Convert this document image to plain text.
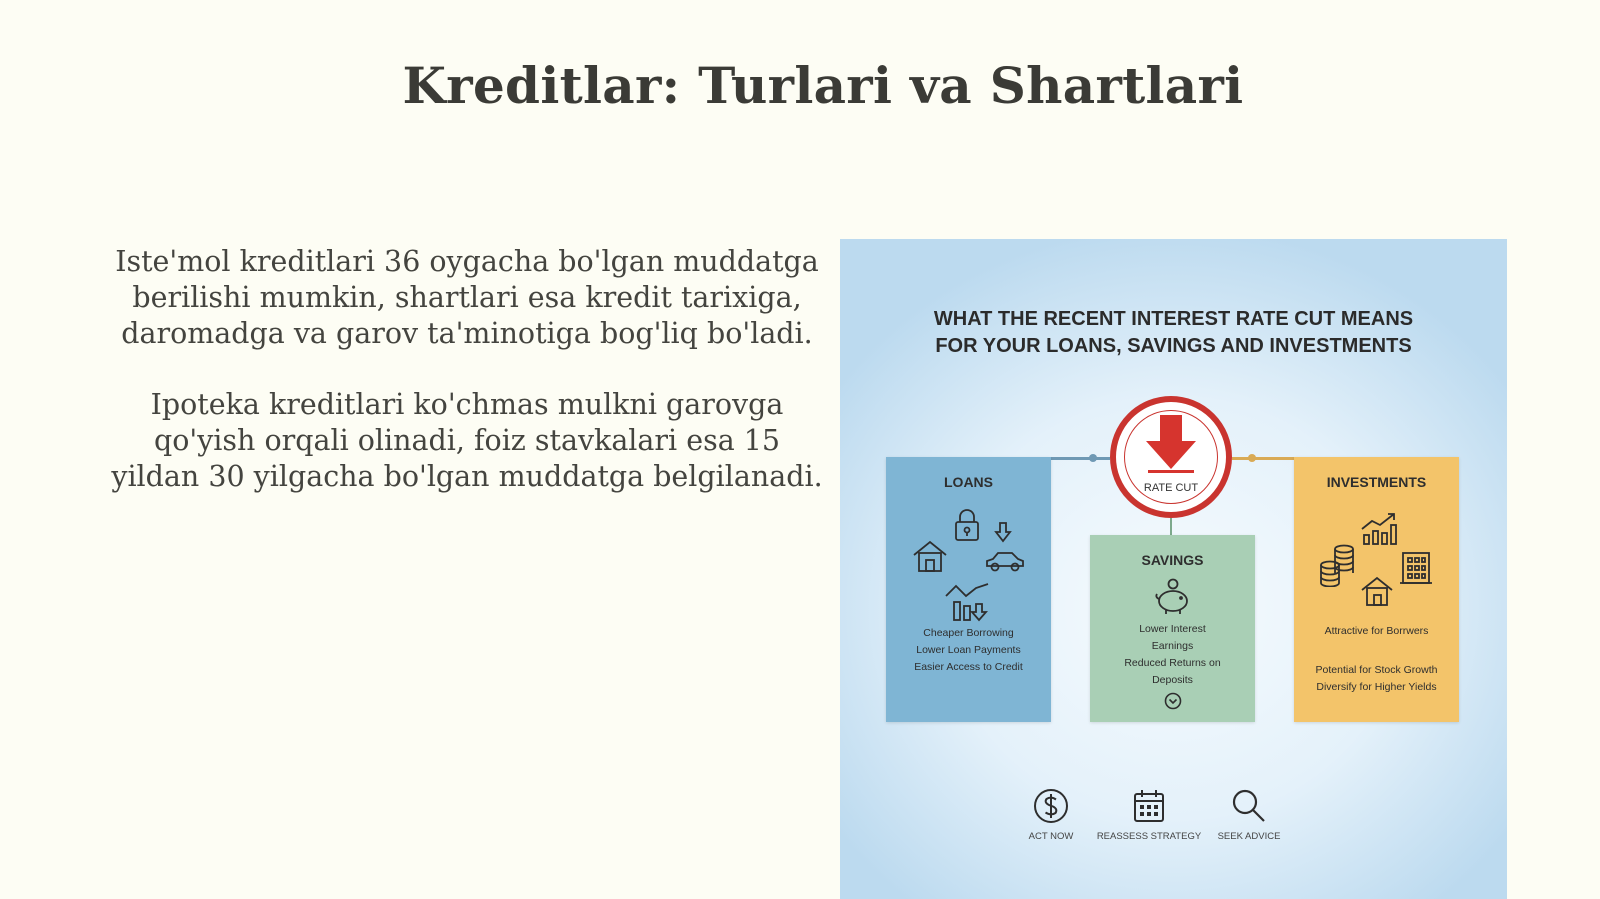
Kreditlar: Turlari va Shartlari

Iste'mol kreditlari 36 oygacha bo'lgan muddatga berilishi mumkin, shartlari esa kredit tarixiga, daromadga va garov ta'minotiga bog'liq bo'ladi.

Ipoteka kreditlari ko'chmas mulkni garovga qo'yish orqali olinadi, foiz stavkalari esa 15 yildan 30 yilgacha bo'lgan muddatga belgilanadi.

WHAT THE RECENT INTEREST RATE CUT MEANS
FOR YOUR LOANS, SAVINGS AND INVESTMENTS
RATE CUT
LOANS
Cheaper Borrowing
Lower Loan Payments
Easier Access to Credit
SAVINGS
Lower Interest
Earnings
Reduced Returns on
Deposits
INVESTMENTS
Attractive for Borrwers
Potential for Stock Growth
Diversify for Higher Yields
ACT NOW	REASSESS STRATEGY	SEEK ADVICE
